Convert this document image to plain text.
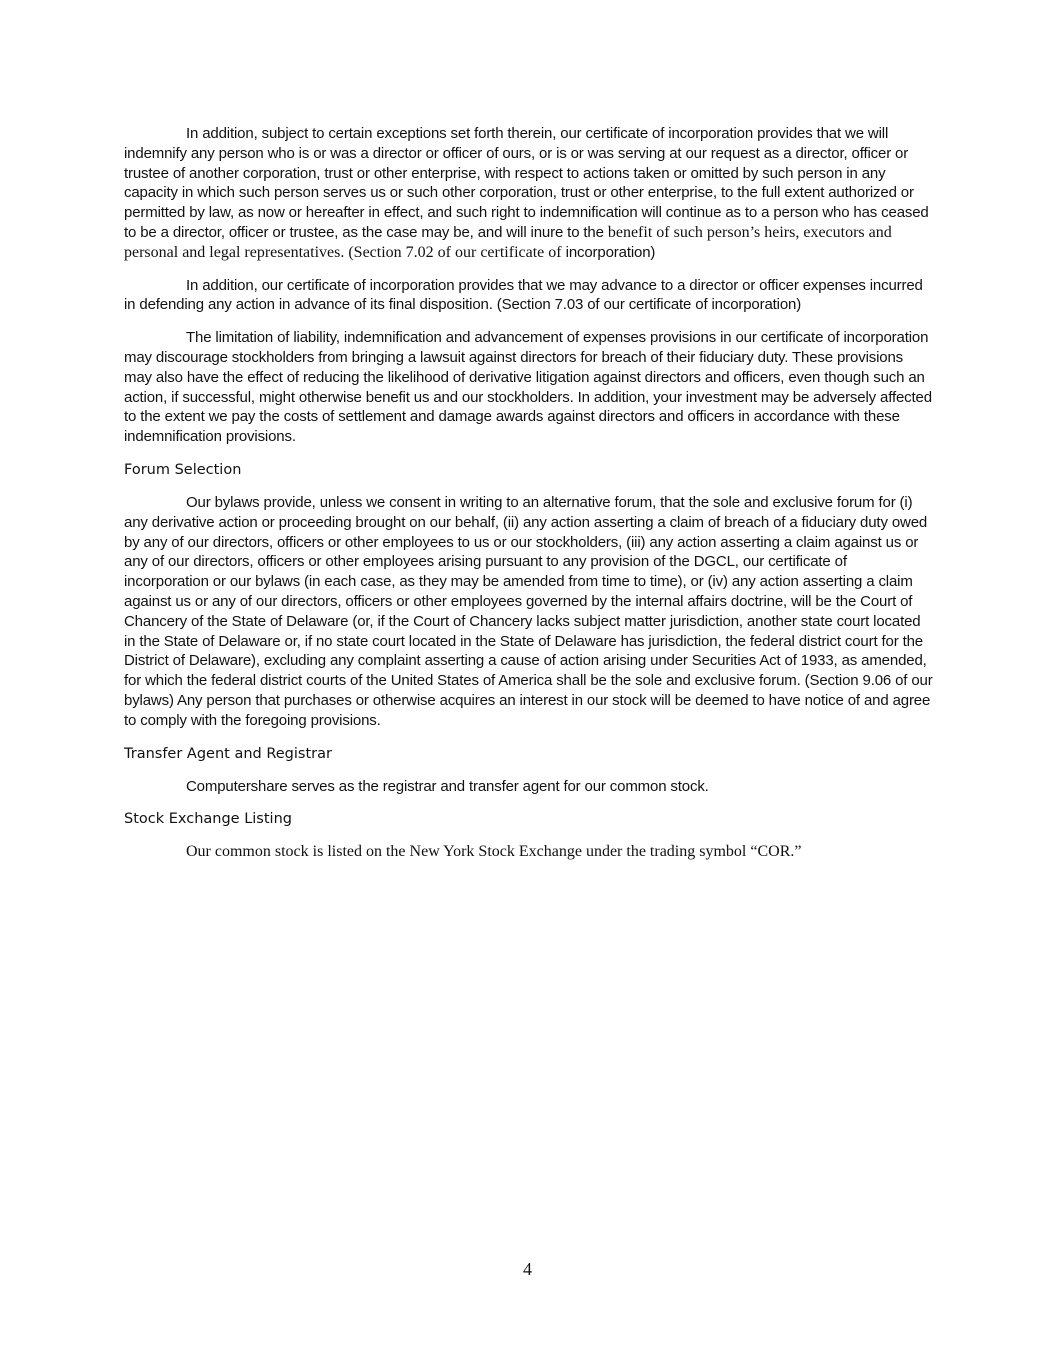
In addition, subject to certain exceptions set forth therein, our certificate of incorporation provides that we will indemnify any person who is or was a director or officer of ours, or is or was serving at our request as a director, officer or trustee of another corporation, trust or other enterprise, with respect to actions taken or omitted by such person in any capacity in which such person serves us or such other corporation, trust or other enterprise, to the full extent authorized or permitted by law, as now or hereafter in effect, and such right to indemnification will continue as to a person who has ceased to be a director, officer or trustee, as the case may be, and will inure to the benefit of such person’s heirs, executors and personal and legal representatives. (Section 7.02 of our certificate of incorporation)

In addition, our certificate of incorporation provides that we may advance to a director or officer expenses incurred in defending any action in advance of its final disposition. (Section 7.03 of our certificate of incorporation)

The limitation of liability, indemnification and advancement of expenses provisions in our certificate of incorporation may discourage stockholders from bringing a lawsuit against directors for breach of their fiduciary duty. These provisions may also have the effect of reducing the likelihood of derivative litigation against directors and officers, even though such an action, if successful, might otherwise benefit us and our stockholders. In addition, your investment may be adversely affected to the extent we pay the costs of settlement and damage awards against directors and officers in accordance with these indemnification provisions.

Forum Selection

Our bylaws provide, unless we consent in writing to an alternative forum, that the sole and exclusive forum for (i) any derivative action or proceeding brought on our behalf, (ii) any action asserting a claim of breach of a fiduciary duty owed by any of our directors, officers or other employees to us or our stockholders, (iii) any action asserting a claim against us or any of our directors, officers or other employees arising pursuant to any provision of the DGCL, our certificate of incorporation or our bylaws (in each case, as they may be amended from time to time), or (iv) any action asserting a claim against us or any of our directors, officers or other employees governed by the internal affairs doctrine, will be the Court of Chancery of the State of Delaware (or, if the Court of Chancery lacks subject matter jurisdiction, another state court located in the State of Delaware or, if no state court located in the State of Delaware has jurisdiction, the federal district court for the District of Delaware), excluding any complaint asserting a cause of action arising under Securities Act of 1933, as amended, for which the federal district courts of the United States of America shall be the sole and exclusive forum. (Section 9.06 of our bylaws) Any person that purchases or otherwise acquires an interest in our stock will be deemed to have notice of and agree to comply with the foregoing provisions.

Transfer Agent and Registrar

Computershare serves as the registrar and transfer agent for our common stock.

Stock Exchange Listing

Our common stock is listed on the New York Stock Exchange under the trading symbol “COR.”

4
